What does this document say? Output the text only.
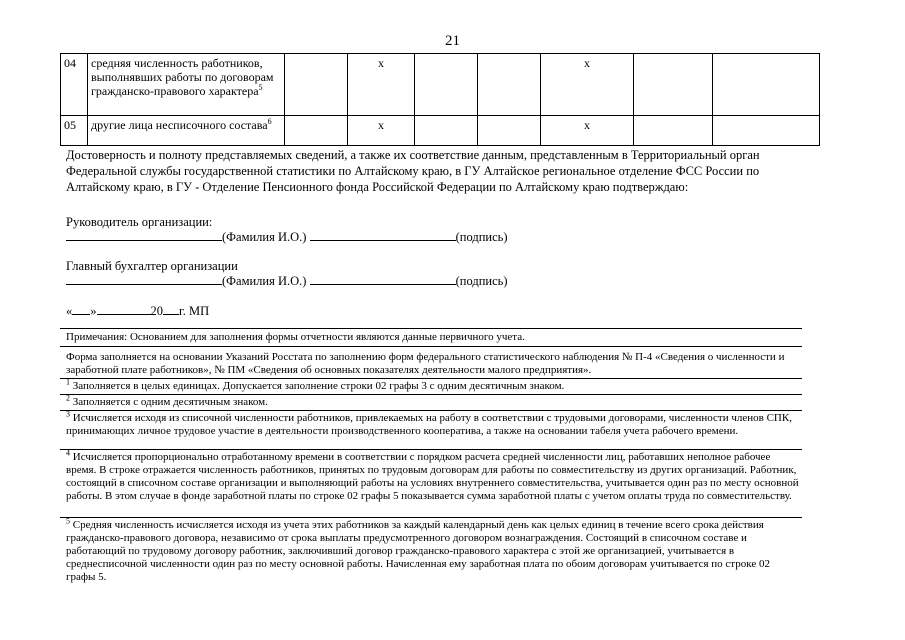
21
04	средняя численность работников, выполнявших работы по договорам гражданско-правового характера$^5$		x			x		
05	другие лица несписочного состава$^6$		x			x		
Достоверность и полноту представляемых сведений, а также их соответствие данным, представленным в Территориальный орган Федеральной службы государственной статистики по Алтайскому краю, в ГУ Алтайское региональное отделение ФСС России по Алтайскому краю, в ГУ - Отделение Пенсионного фонда Российской Федерации по Алтайскому краю подтверждаю:
Руководитель организации:
(Фамилия И.О.)	(подпись)
Главный бухгалтер организации
(Фамилия И.О.)	(подпись)
« »	20 г. МП
Примечания: Основанием для заполнения формы отчетности являются данные первичного учета.
Форма заполняется на основании Указаний Росстата по заполнению форм федерального статистического наблюдения № П-4 «Сведения о численности и заработной плате работников», № ПМ «Сведения об основных показателях деятельности малого предприятия».
$^1$ Заполняется в целых единицах. Допускается заполнение строки 02 графы 3 с одним десятичным знаком.
$^2$ Заполняется с одним десятичным знаком.
$^3$ Исчисляется исходя из списочной численности работников, привлекаемых на работу в соответствии с трудовыми договорами, численности членов СПК, принимающих личное трудовое участие в деятельности производственного кооператива, а также на основании табеля учета рабочего времени.
$^4$ Исчисляется пропорционально отработанному времени в соответствии с порядком расчета средней численности лиц, работавших неполное рабочее время. В строке отражается численность работников, принятых по трудовым договорам для работы по совместительству из других организаций. Работник, состоящий в списочном составе организации и выполняющий работы на условиях внутреннего совместительства, учитывается один раз по месту основной работы. В этом случае в фонде заработной платы по строке 02 графы 5 показывается сумма заработной платы с учетом оплаты труда по совместительству.
$^5$ Средняя численность исчисляется исходя из учета этих работников за каждый календарный день как целых единиц в течение всего срока действия гражданско-правового договора, независимо от срока выплаты предусмотренного договором вознаграждения. Состоящий в списочном составе и работающий по трудовому договору работник, заключивший договор гражданско-правового характера с этой же организацией, учитывается в среднесписочной численности один раз по месту основной работы. Начисленная ему заработная плата по обоим договорам учитывается по строке 02 графы 5.
